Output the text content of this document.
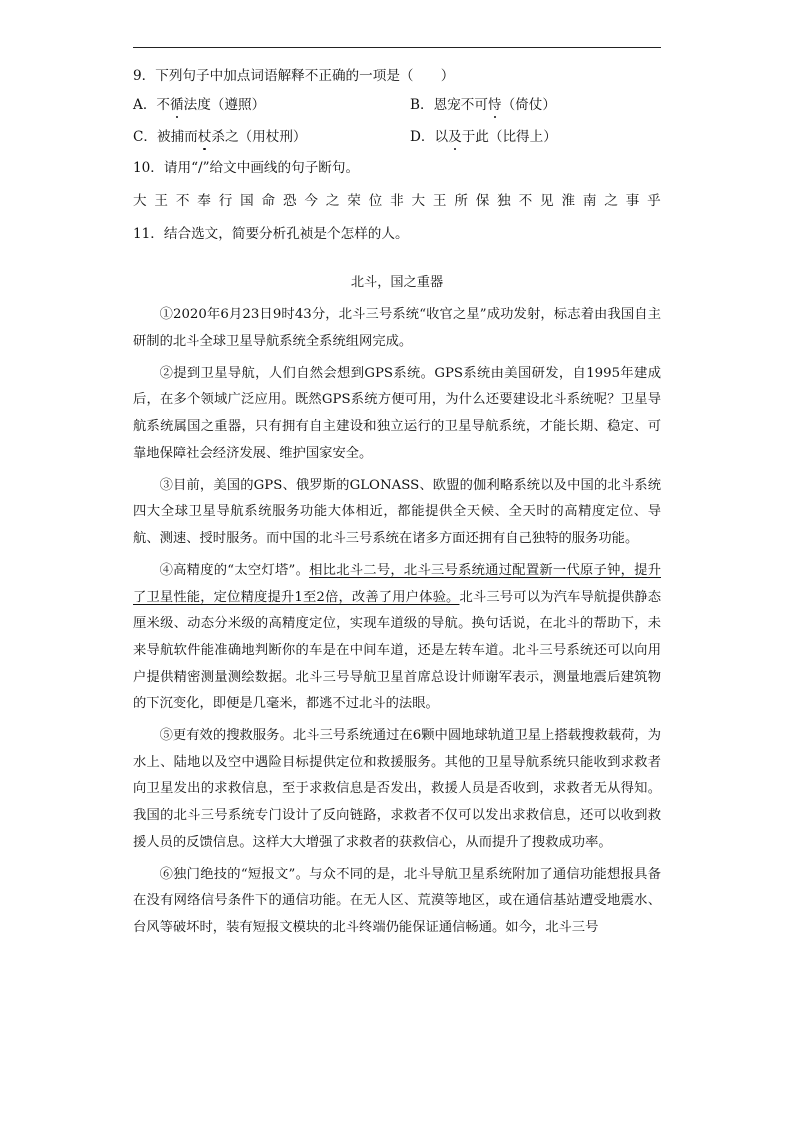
9．下列句子中加点词语解释不正确的一项是（　　）
A．不循法度（遵照）	B．恩宠不可恃（倚仗）
C．被捕而杖杀之（用杖刑）	D．以及于此（比得上）
10．请用“/”给文中画线的句子断句。
大 王 不 奉 行 国 命 恐 今 之 荣 位 非 大 王 所 保 独 不 见 淮 南 之 事 乎
11．结合选文，简要分析孔祯是个怎样的人。
北斗，国之重器

①2020年6月23日9时43分，北斗三号系统“收官之星”成功发射，标志着由我国自主研制的北斗全球卫星导航系统全系统组网完成。

②提到卫星导航，人们自然会想到GPS系统。GPS系统由美国研发，自1995年建成后，在多个领域广泛应用。既然GPS系统方便可用，为什么还要建设北斗系统呢？卫星导航系统属国之重器，只有拥有自主建设和独立运行的卫星导航系统，才能长期、稳定、可靠地保障社会经济发展、维护国家安全。

③目前，美国的GPS、俄罗斯的GLONASS、欧盟的伽利略系统以及中国的北斗系统四大全球卫星导航系统服务功能大体相近，都能提供全天候、全天时的高精度定位、导航、测速、授时服务。而中国的北斗三号系统在诸多方面还拥有自己独特的服务功能。

④高精度的“太空灯塔”。相比北斗二号，北斗三号系统通过配置新一代原子钟，提升了卫星性能，定位精度提升1至2倍，改善了用户体验。北斗三号可以为汽车导航提供静态厘米级、动态分米级的高精度定位，实现车道级的导航。换句话说，在北斗的帮助下，未来导航软件能准确地判断你的车是在中间车道，还是左转车道。北斗三号系统还可以向用户提供精密测量测绘数据。北斗三号导航卫星首席总设计师谢军表示，测量地震后建筑物的下沉变化，即便是几毫米，都逃不过北斗的法眼。

⑤更有效的搜救服务。北斗三号系统通过在6颗中圆地球轨道卫星上搭载搜救载荷，为水上、陆地以及空中遇险目标提供定位和救援服务。其他的卫星导航系统只能收到求救者向卫星发出的求救信息，至于求救信息是否发出，救援人员是否收到，求救者无从得知。我国的北斗三号系统专门设计了反向链路，求救者不仅可以发出求救信息，还可以收到救援人员的反馈信息。这样大大增强了求救者的获救信心，从而提升了搜救成功率。

⑥独门绝技的“短报文”。与众不同的是，北斗导航卫星系统附加了通信功能想报具备在没有网络信号条件下的通信功能。在无人区、荒漠等地区，或在通信基站遭受地震水、台风等破坏时，装有短报文模块的北斗终端仍能保证通信畅通。如今，北斗三号
